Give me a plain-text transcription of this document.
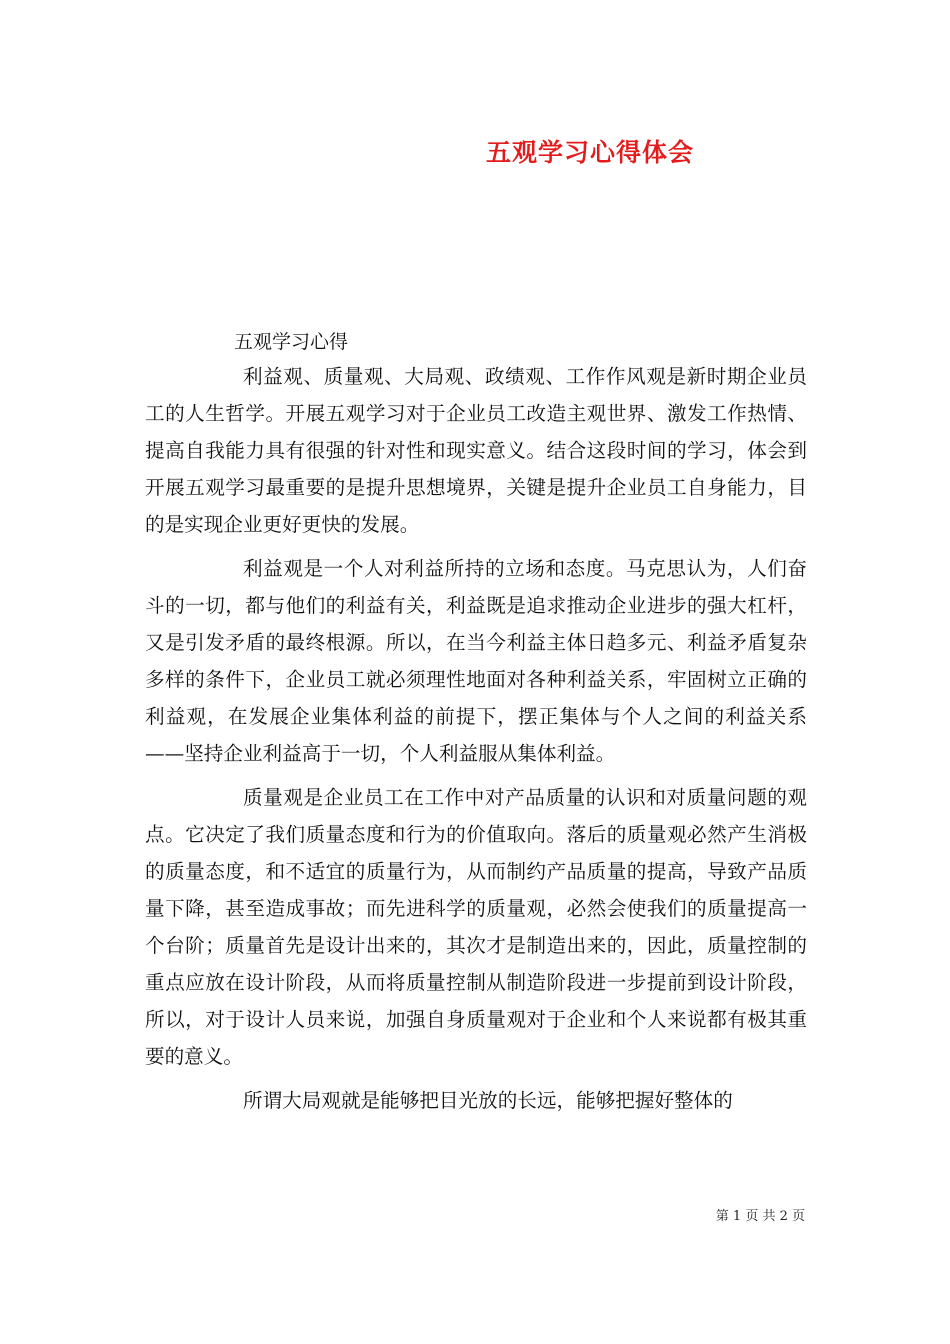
五观学习心得体会

五观学习心得

利益观、质量观、大局观、政绩观、工作作风观是新时期企业员工的人生哲学。开展五观学习对于企业员工改造主观世界、激发工作热情、提高自我能力具有很强的针对性和现实意义。结合这段时间的学习，体会到开展五观学习最重要的是提升思想境界，关键是提升企业员工自身能力，目的是实现企业更好更快的发展。

利益观是一个人对利益所持的立场和态度。马克思认为，人们奋斗的一切，都与他们的利益有关，利益既是追求推动企业进步的强大杠杆，又是引发矛盾的最终根源。所以，在当今利益主体日趋多元、利益矛盾复杂多样的条件下，企业员工就必须理性地面对各种利益关系，牢固树立正确的利益观，在发展企业集体利益的前提下，摆正集体与个人之间的利益关系——坚持企业利益高于一切，个人利益服从集体利益。

质量观是企业员工在工作中对产品质量的认识和对质量问题的观点。它决定了我们质量态度和行为的价值取向。落后的质量观必然产生消极的质量态度，和不适宜的质量行为，从而制约产品质量的提高，导致产品质量下降，甚至造成事故；而先进科学的质量观，必然会使我们的质量提高一个台阶；质量首先是设计出来的，其次才是制造出来的，因此，质量控制的重点应放在设计阶段，从而将质量控制从制造阶段进一步提前到设计阶段，所以，对于设计人员来说，加强自身质量观对于企业和个人来说都有极其重要的意义。

所谓大局观就是能够把目光放的长远，能够把握好整体的

第 1 页 共 2 页
